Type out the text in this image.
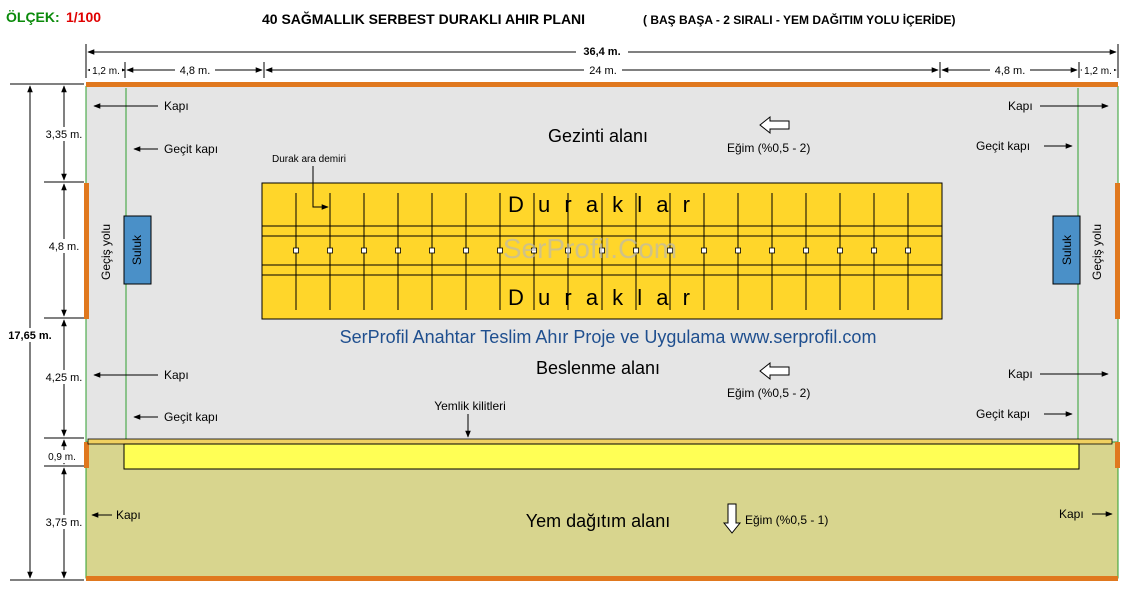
ÖLÇEK: 1/100	40 SAĞMALLIK SERBEST DURAKLI AHIR PLANI	( BAŞ BAŞA - 2 SIRALI - YEM DAĞITIM YOLU İÇERİDE)
36,4 m.
1,2 m.	4,8 m.	24 m.	4,8 m.	1,2 m.
17,65 m.
3,35 m.
4,8 m.
4,25 m.
0,9 m.
3,75 m.
D u r a k l a r
D u r a k l a r
Suluk	Suluk
Geçiş yolu	Geçiş yolu
SerProfil.Com
Gezinti alanı
Beslenme alanı
Yem dağıtım alanı
SerProfil Anahtar Teslim Ahır Proje ve Uygulama www.serprofil.com
Eğim (%0,5 - 2)
Eğim (%0,5 - 2)
Eğim (%0,5 - 1)
Kapı	Kapı
Geçit kapı	Geçit kapı
Kapı	Kapı
Geçit kapı	Geçit kapı
Kapı	Kapı
Durak ara demiri
Yemlik kilitleri
